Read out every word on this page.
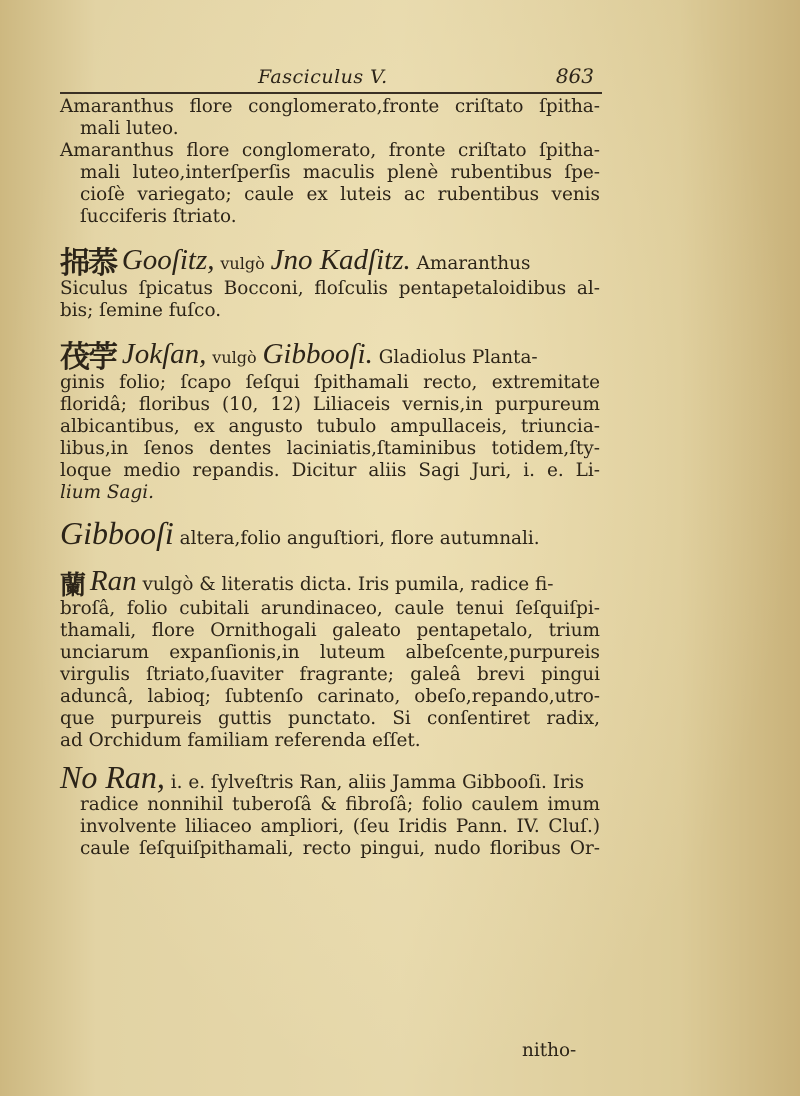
Fasciculus V.	863
Amaranthus flore conglomerato,fronte criſtato ſpitha-
mali luteo.
Amaranthus flore conglomerato, fronte criſtato ſpitha-
mali luteo,interſperſis maculis plenè rubentibus ſpe-
cioſè variegato; caule ex luteis ac rubentibus venis
ſucciferis ſtriato.
𢬢菾 Gooſitz, vulgò Jno Kadſitz. Amaranthus
Siculus ſpicatus Bocconi, floſculis pentapetaloidibus al-
bis; ſemine fuſco.
茷荢 Jokſan, vulgò Gibbooſi. Gladiolus Planta-
ginis folio; ſcapo ſeſqui ſpithamali recto, extremitate
floridâ; floribus (10, 12) Liliaceis vernis,in purpureum
albicantibus, ex angusto tubulo ampullaceis, triuncia-
libus,in ſenos dentes laciniatis,ſtaminibus totidem,ſty-
loque medio repandis. Dicitur aliis Sagi Juri, i. e. Li-
lium Sagi.
Gibbooſi altera,folio anguſtiori, flore autumnali.
蘭 Ran vulgò & literatis dicta. Iris pumila, radice fi-
broſâ, folio cubitali arundinaceo, caule tenui ſeſquiſpi-
thamali, flore Ornithogali galeato pentapetalo, trium
unciarum expanſionis,in luteum albeſcente,purpureis
virgulis ſtriato,ſuaviter fragrante; galeâ brevi pingui
aduncâ, labioq; ſubtenſo carinato, obeſo,repando,utro-
que purpureis guttis punctato. Si conſentiret radix,
ad Orchidum familiam referenda eſſet.
No Ran, i. e. ſylveſtris Ran, aliis Jamma Gibbooſi. Iris
radice nonnihil tuberoſâ & fibroſâ; folio caulem imum
involvente liliaceo ampliori, (ſeu Iridis Pann. IV. Cluſ.)
caule ſeſquiſpithamali, recto pingui, nudo floribus Or-
nitho-
